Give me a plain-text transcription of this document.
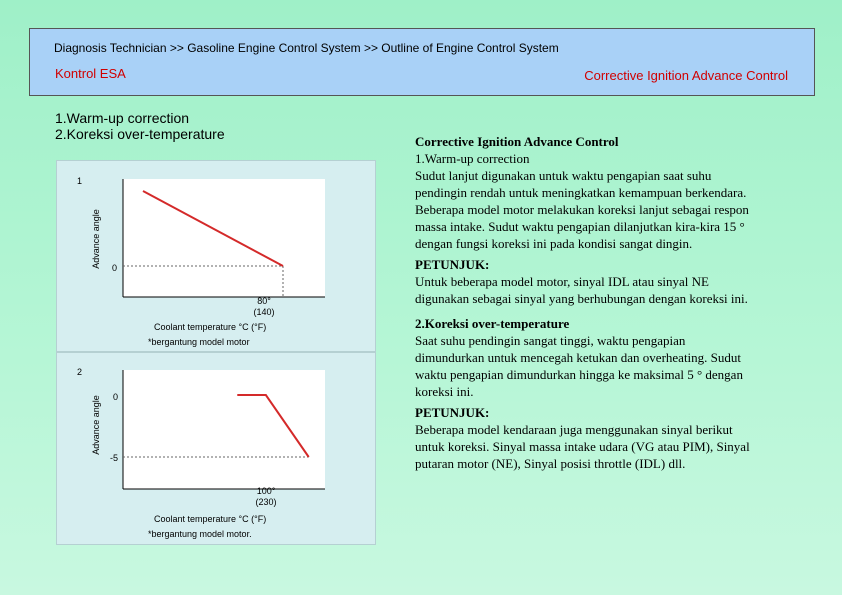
Diagnosis Technician >> Gasoline Engine Control System >> Outline of Engine Control System
Kontrol ESA	Corrective Ignition Advance Control
1.Warm-up correction
2.Koreksi over-temperature
1
Advance angle 0
80°
(140)
Coolant temperature °C (°F)
*bergantung model motor
2
Advance angle 0
-5
100°
(230)
Coolant temperature °C (°F)
*bergantung model motor.

Corrective Ignition Advance Control

1.Warm-up correction

Sudut lanjut digunakan untuk waktu pengapian saat suhu pendingin rendah untuk meningkatkan kemampuan berkendara. Beberapa model motor melakukan koreksi lanjut sebagai respon massa intake. Sudut waktu pengapian dilanjutkan kira-kira 15 ° dengan fungsi koreksi ini pada kondisi sangat dingin.

PETUNJUK:

Untuk beberapa model motor, sinyal IDL atau sinyal NE digunakan sebagai sinyal yang berhubungan dengan koreksi ini.

2.Koreksi over-temperature

Saat suhu pendingin sangat tinggi, waktu pengapian dimundurkan untuk mencegah ketukan dan overheating. Sudut waktu pengapian dimundurkan hingga ke maksimal 5 ° dengan koreksi ini.

PETUNJUK:

Beberapa model kendaraan juga menggunakan sinyal berikut untuk koreksi. Sinyal massa intake udara (VG atau PIM), Sinyal putaran motor (NE), Sinyal posisi throttle (IDL) dll.
